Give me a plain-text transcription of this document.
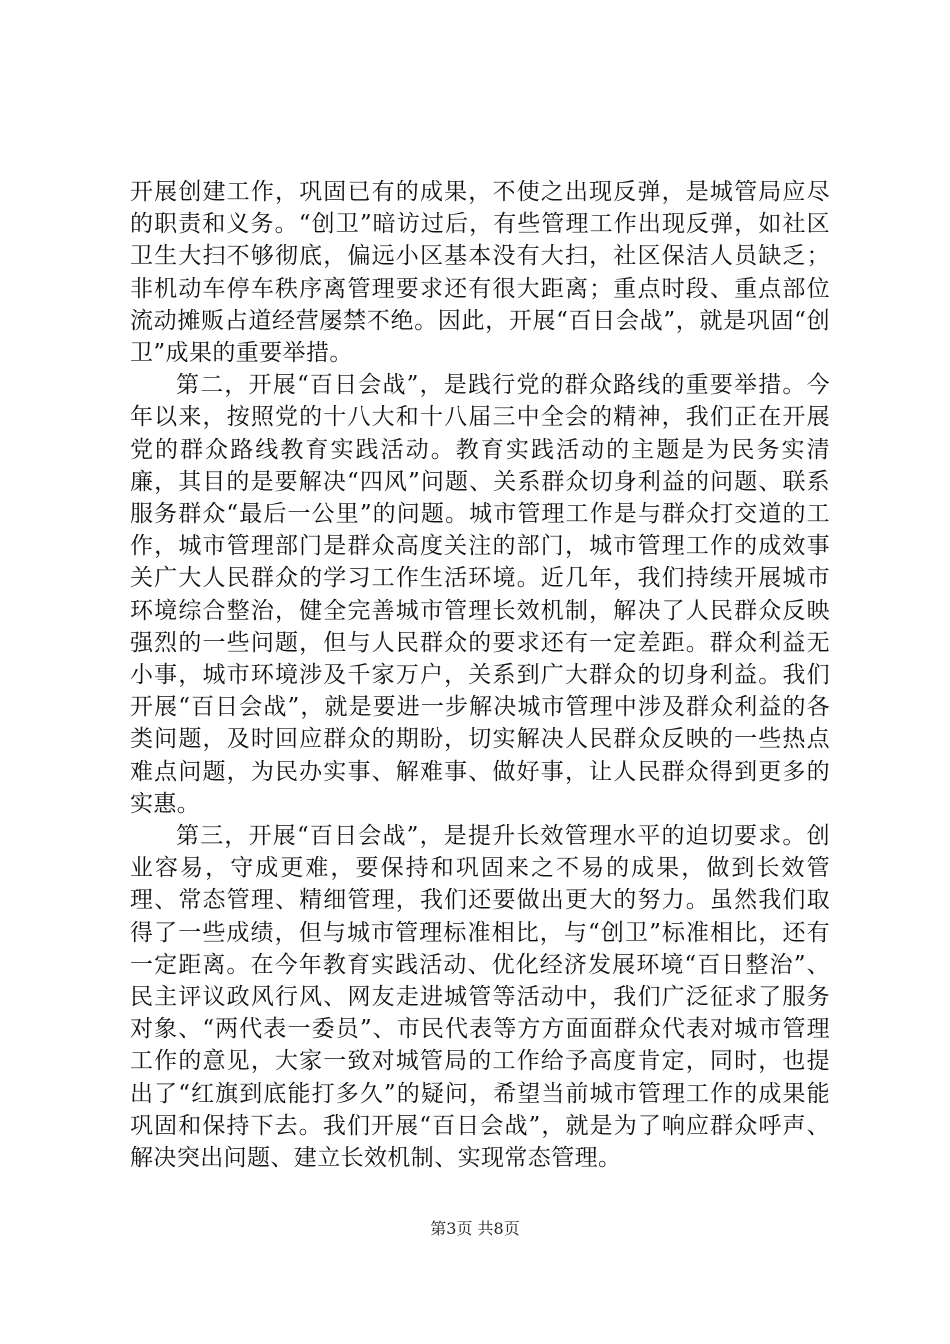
开展创建工作，巩固已有的成果，不使之出现反弹，是城管局应尽的职责和义务。“创卫”暗访过后，有些管理工作出现反弹，如社区卫生大扫不够彻底，偏远小区基本没有大扫，社区保洁人员缺乏；非机动车停车秩序离管理要求还有很大距离；重点时段、重点部位流动摊贩占道经营屡禁不绝。因此，开展“百日会战”，就是巩固“创卫”成果的重要举措。

第二，开展“百日会战”，是践行党的群众路线的重要举措。今年以来，按照党的十八大和十八届三中全会的精神，我们正在开展党的群众路线教育实践活动。教育实践活动的主题是为民务实清廉，其目的是要解决“四风”问题、关系群众切身利益的问题、联系服务群众“最后一公里”的问题。城市管理工作是与群众打交道的工作，城市管理部门是群众高度关注的部门，城市管理工作的成效事关广大人民群众的学习工作生活环境。近几年，我们持续开展城市环境综合整治，健全完善城市管理长效机制，解决了人民群众反映强烈的一些问题，但与人民群众的要求还有一定差距。群众利益无小事，城市环境涉及千家万户，关系到广大群众的切身利益。我们开展“百日会战”，就是要进一步解决城市管理中涉及群众利益的各类问题，及时回应群众的期盼，切实解决人民群众反映的一些热点难点问题，为民办实事、解难事、做好事，让人民群众得到更多的实惠。

第三，开展“百日会战”，是提升长效管理水平的迫切要求。创业容易，守成更难，要保持和巩固来之不易的成果，做到长效管理、常态管理、精细管理，我们还要做出更大的努力。虽然我们取得了一些成绩，但与城市管理标准相比，与“创卫”标准相比，还有一定距离。在今年教育实践活动、优化经济发展环境“百日整治”、民主评议政风行风、网友走进城管等活动中，我们广泛征求了服务对象、“两代表一委员”、市民代表等方方面面群众代表对城市管理工作的意见，大家一致对城管局的工作给予高度肯定，同时，也提出了“红旗到底能打多久”的疑问，希望当前城市管理工作的成果能巩固和保持下去。我们开展“百日会战”，就是为了响应群众呼声、解决突出问题、建立长效机制、实现常态管理。

第3页 共8页
